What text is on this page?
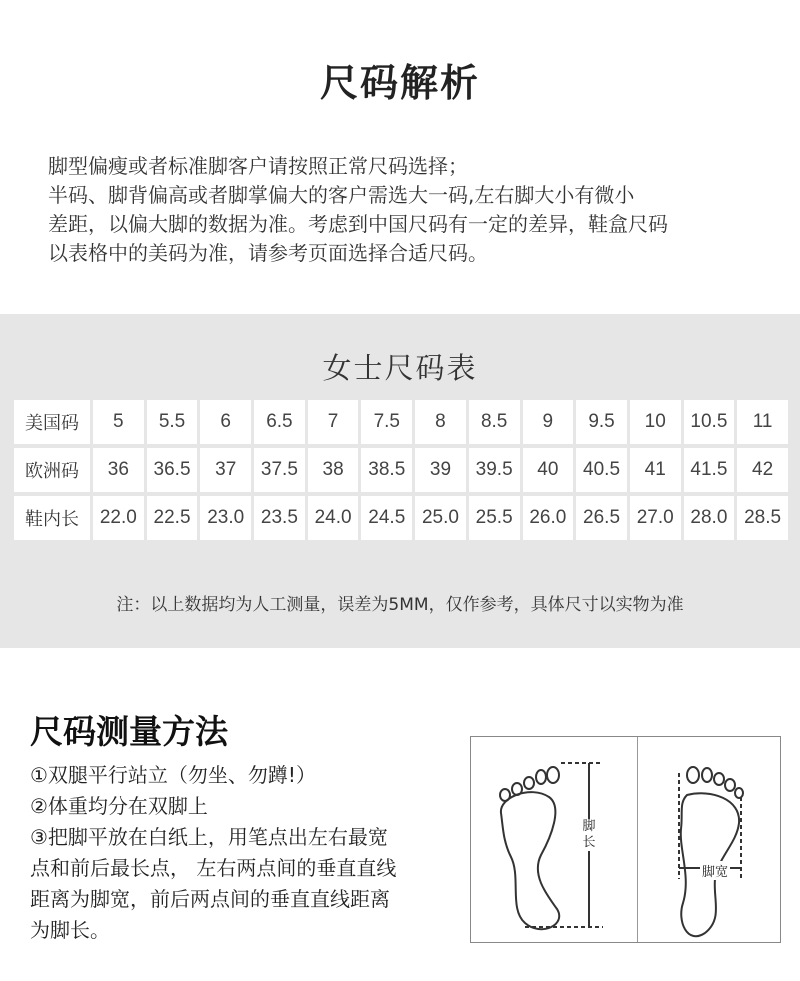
尺码解析
脚型偏瘦或者标准脚客户请按照正常尺码选择；
半码、脚背偏高或者脚掌偏大的客户需选大一码,左右脚大小有微小
差距，以偏大脚的数据为准。考虑到中国尺码有一定的差异，鞋盒尺码
以表格中的美码为准，请参考页面选择合适尺码。
女士尺码表
美国码	5	5.5	6	6.5	7	7.5	8	8.5	9	9.5	10	10.5	11
欧洲码	36	36.5	37	37.5	38	38.5	39	39.5	40	40.5	41	41.5	42
鞋内长	22.0 22.5 23.0 23.5 24.0 24.5 25.0 25.5 26.0 26.5 27.0 28.0 28.5
注：以上数据均为人工测量，误差为5MM，仅作参考，具体尺寸以实物为准
尺码测量方法
①双腿平行站立（勿坐、勿蹲!）
②体重均分在双脚上
③把脚平放在白纸上，用笔点出左右最宽
点和前后最长点， 左右两点间的垂直直线
距离为脚宽，前后两点间的垂直直线距离
为脚长。
脚
长
脚宽
